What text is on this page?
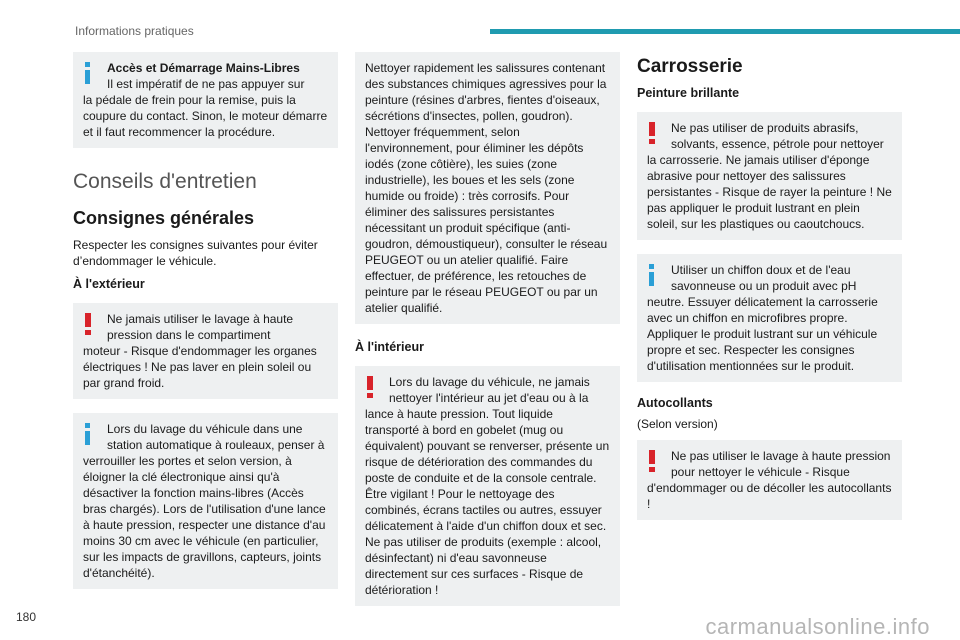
Informations pratiques
Accès et Démarrage Mains-Libres
Il est impératif de ne pas appuyer sur
la pédale de frein pour la remise, puis la coupure du contact. Sinon, le moteur démarre et il faut recommencer la procédure.
Conseils d'entretien
Consignes générales
Respecter les consignes suivantes pour éviter d’endommager le véhicule.
À l'extérieur
Ne jamais utiliser le lavage à haute pression dans le compartiment
moteur - Risque d'endommager les organes électriques ! Ne pas laver en plein soleil ou par grand froid.
Lors du lavage du véhicule dans une station automatique à rouleaux, penser à
verrouiller les portes et selon version, à éloigner la clé électronique ainsi qu'à désactiver la fonction mains-libres (Accès bras chargés). Lors de l'utilisation d'une lance à haute pression, respecter une distance d'au moins 30 cm avec le véhicule (en particulier, sur les impacts de gravillons, capteurs, joints d'étanchéité).
Nettoyer rapidement les salissures contenant des substances chimiques agressives pour la peinture (résines d'arbres, fientes d'oiseaux, sécrétions d'insectes, pollen, goudron). Nettoyer fréquemment, selon l'environnement, pour éliminer les dépôts iodés (zone côtière), les suies (zone industrielle), les boues et les sels (zone humide ou froide) : très corrosifs. Pour éliminer des salissures persistantes nécessitant un produit spécifique (anti-goudron, démoustiqueur), consulter le réseau PEUGEOT ou un atelier qualifié. Faire effectuer, de préférence, les retouches de peinture par le réseau PEUGEOT ou par un atelier qualifié.
À l'intérieur
Lors du lavage du véhicule, ne jamais nettoyer l'intérieur au jet d'eau ou à la
lance à haute pression. Tout liquide transporté à bord en gobelet (mug ou équivalent) pouvant se renverser, présente un risque de détérioration des commandes du poste de conduite et de la console centrale. Être vigilant ! Pour le nettoyage des combinés, écrans tactiles ou autres, essuyer délicatement à l'aide d'un chiffon doux et sec. Ne pas utiliser de produits (exemple : alcool, désinfectant) ni d'eau savonneuse directement sur ces surfaces - Risque de détérioration !
Carrosserie
Peinture brillante
Ne pas utiliser de produits abrasifs, solvants, essence, pétrole pour nettoyer
la carrosserie. Ne jamais utiliser d'éponge abrasive pour nettoyer des salissures persistantes - Risque de rayer la peinture ! Ne pas appliquer le produit lustrant en plein soleil, sur les plastiques ou caoutchoucs.
Utiliser un chiffon doux et de l'eau savonneuse ou un produit avec pH
neutre. Essuyer délicatement la carrosserie avec un chiffon en microfibres propre. Appliquer le produit lustrant sur un véhicule propre et sec. Respecter les consignes d'utilisation mentionnées sur le produit.
Autocollants
(Selon version)
Ne pas utiliser le lavage à haute pression pour nettoyer le véhicule - Risque
d'endommager ou de décoller les autocollants !
180	carmanualsonline.info
